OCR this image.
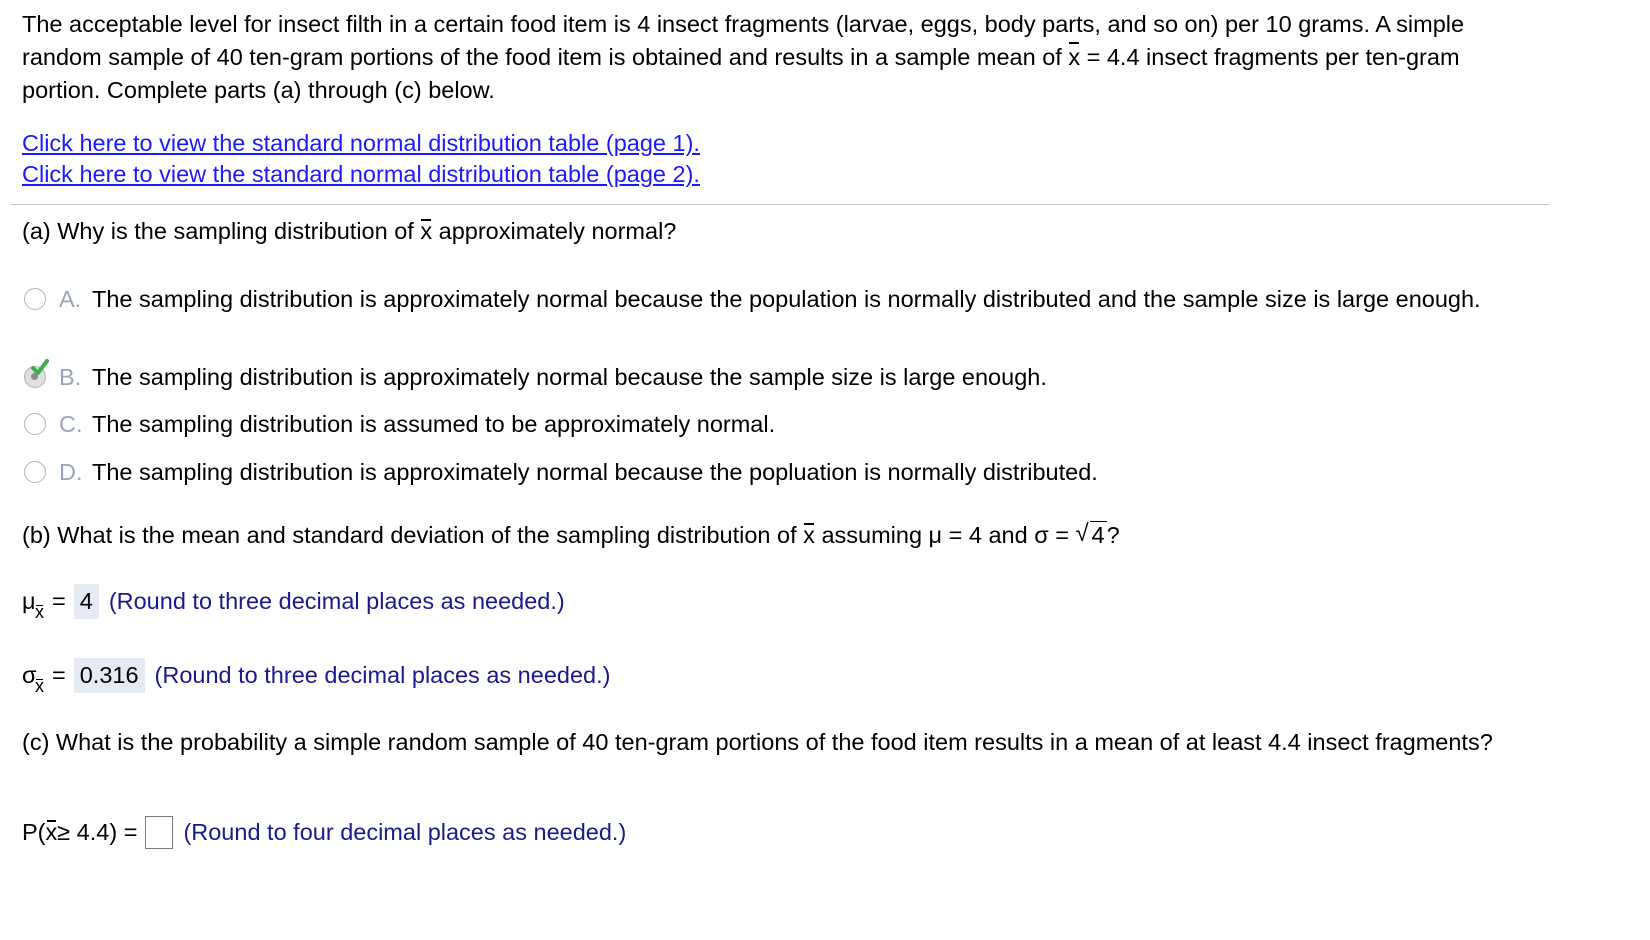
The acceptable level for insect filth in a certain food item is 4 insect fragments (larvae, eggs, body parts, and so on) per 10 grams. A simple
random sample of 40 ten-gram portions of the food item is obtained and results in a sample mean of x = 4.4 insect fragments per ten-gram
portion. Complete parts (a) through (c) below.
Click here to view the standard normal distribution table (page 1).
Click here to view the standard normal distribution table (page 2).
(a) Why is the sampling distribution of x approximately normal?
A. The sampling distribution is approximately normal because the population is normally distributed and the sample size is large enough.
B. The sampling distribution is approximately normal because the sample size is large enough.
C. The sampling distribution is assumed to be approximately normal.
D. The sampling distribution is approximately normal because the popluation is normally distributed.
(b) What is the mean and standard deviation of the sampling distribution of x assuming μ = 4 and σ = √ 4?
μ x = 4 (Round to three decimal places as needed.)
σ
x = 0.316 (Round to three decimal places as needed.)
(c) What is the probability a simple random sample of 40 ten-gram portions of the food item results in a mean of at least 4.4 insect fragments?
P( x ≥ 4.4) = (Round to four decimal places as needed.)
